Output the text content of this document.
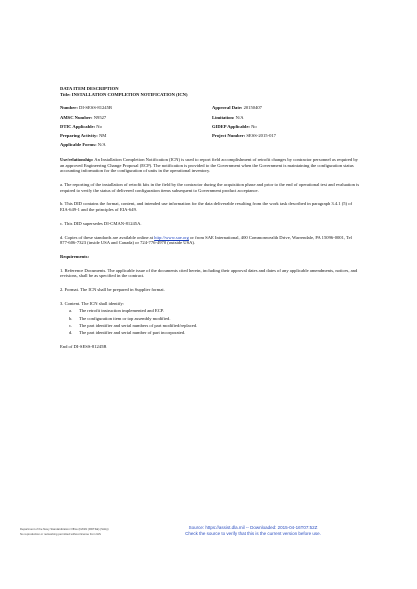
DATA ITEM DESCRIPTION
Title: INSTALLATION COMPLETION NOTIFICATION (ICN)
Number: DI-SESS-81245B	Approval Date: 20150407
AMSC Number: N9527	Limitation: N/A
DTIC Applicable: No	GIDEP Applicable: No
Preparing Activity: NM	Project Number: SESS-2015-017
Applicable Forms: N/A

Use/relationship: An Installation Completion Notification (ICN) is used to report field accomplishment of retrofit changes by contractor personnel as required by an approved Engineering Change Proposal (ECP). The notification is provided to the Government when the Government is maintaining the configuration status accounting information for the configuration of units in the operational inventory.

a. The reporting of the installation of retrofit kits in the field by the contractor during the acquisition phase and prior to the end of operational test and evaluation is required to verify the status of delivered configuration items subsequent to Government product acceptance.

b. This DID contains the format, content, and intended use information for the data deliverable resulting from the work task described in paragraph 3.4.1 (5) of EIA-649-1 and the principles of EIA-649.

c. This DID supersedes DI-CMAN-81245A.

d. Copies of these standards are available online at http://www.sae.org or from SAE International, 400 Commonwealth Drive, Warrendale, PA 15096-0001, Tel 877-606-7323 (inside USA and Canada) or 724-776-4970 (outside USA).

Requirements:

1. Reference Documents. The applicable issue of the documents cited herein, including their approval dates and dates of any applicable amendments, notices, and revisions, shall be as specified in the contract.

2. Format. The ICN shall be prepared in Supplier format.

3. Content. The ICN shall identify:
a.	The retrofit instruction implemented and ECP.
b.	The configuration item or top assembly modified.
c.	The part identifier and serial numbers of part modified/replaced.
d.	The part identifier and serial number of part incorporated.

End of DI-SESS-81245B

Department of the Navy Standardization Office (DASN (RDT&E) (Stds))
No reproduction or networking permitted without license from IHS
Source: https://assist.dla.mil -- Downloaded: 2015-04-16T07:52Z
Check the source to verify that this is the current version before use.
